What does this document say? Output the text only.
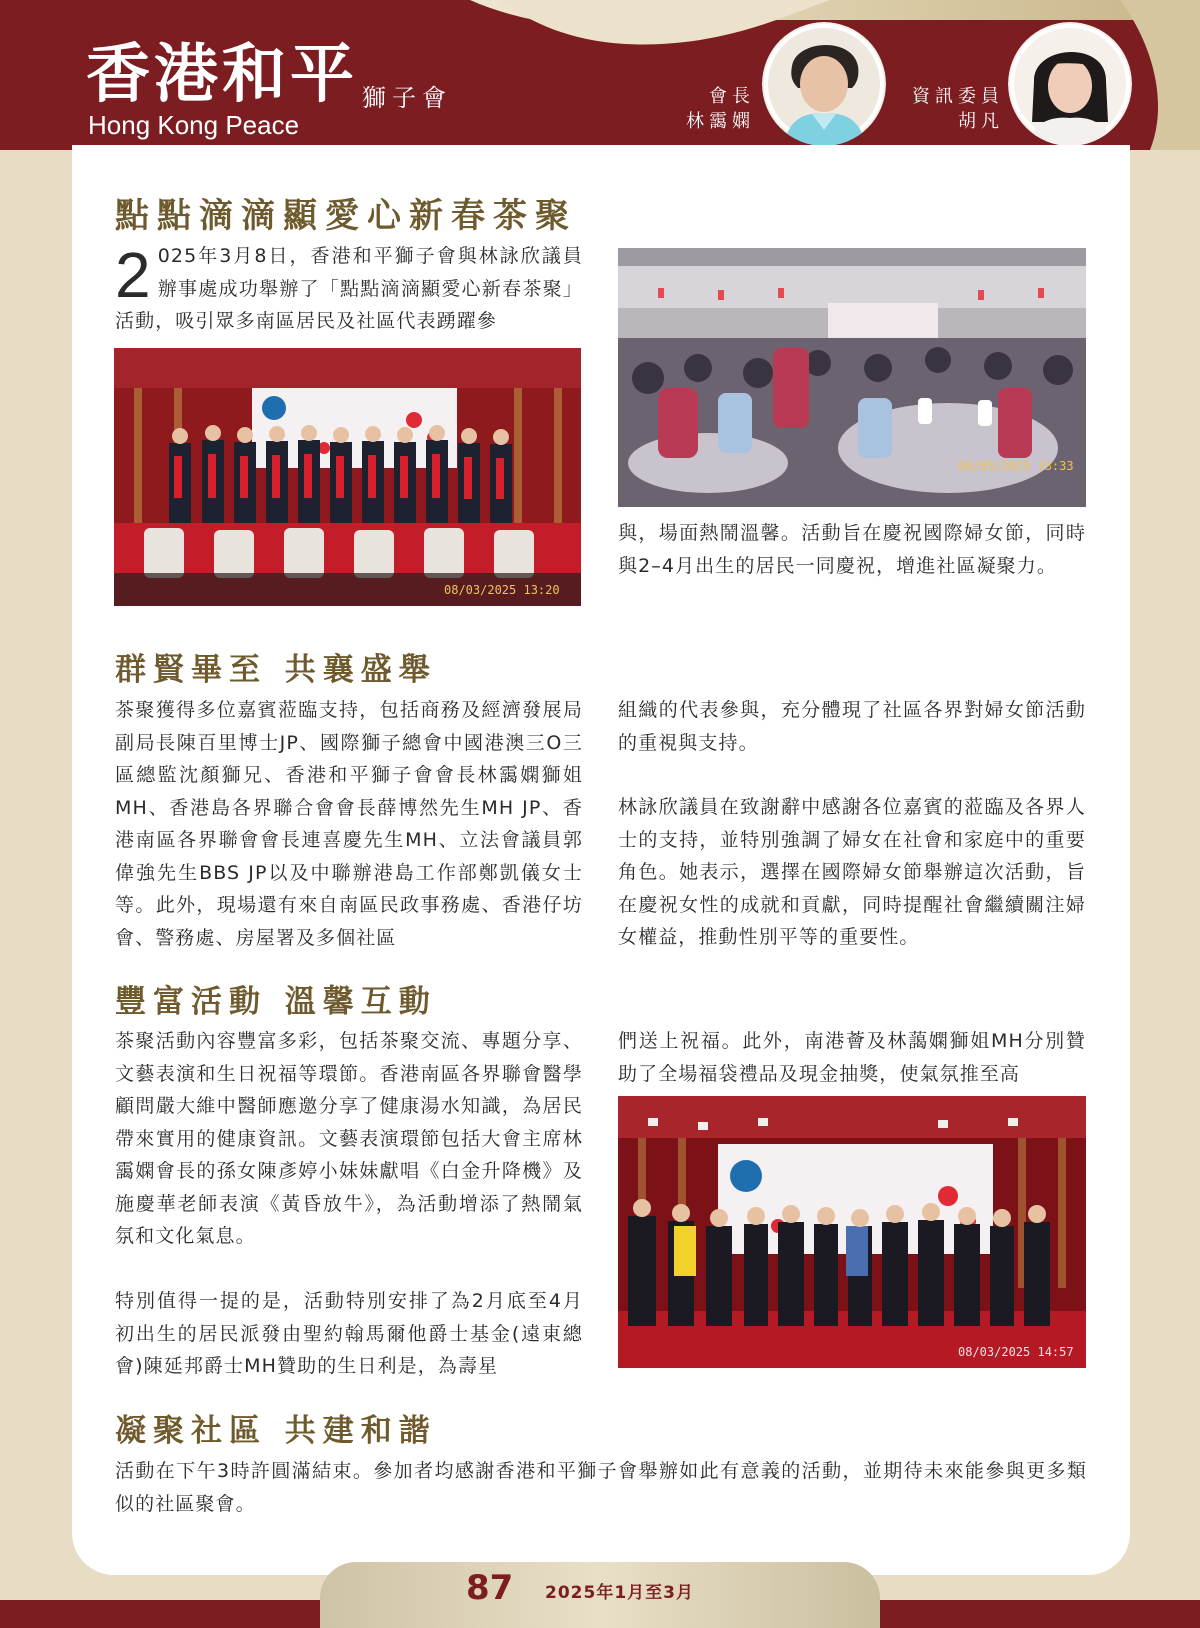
香港和平 獅子會
Hong Kong Peace
會長
林靄嫻
資訊委員
胡凡
點點滴滴顯愛心新春茶聚
2 025年3月8日，香港和平獅子會與林詠欣議員辦事處成功舉辦了「點點滴滴顯愛心新春茶聚」活動，吸引眾多南區居民及社區代表踴躍參
08/03/2025 13:20
08/03/2025 13:33
與，場面熱鬧溫馨。活動旨在慶祝國際婦女節，同時與2–4月出生的居民一同慶祝，增進社區凝聚力。
群賢畢至 共襄盛舉
茶聚獲得多位嘉賓蒞臨支持，包括商務及經濟發展局副局長陳百里博士JP、國際獅子總會中國港澳三O三區總監沈顏獅兄、香港和平獅子會會長林靄嫻獅姐MH、香港島各界聯合會會長薛博然先生MH JP、香港南區各界聯會會長連喜慶先生MH、立法會議員郭偉強先生BBS JP以及中聯辦港島工作部鄭凱儀女士等。此外，現場還有來自南區民政事務處、香港仔坊會、警務處、房屋署及多個社區
組織的代表參與，充分體現了社區各界對婦女節活動的重視與支持。
林詠欣議員在致謝辭中感謝各位嘉賓的蒞臨及各界人士的支持，並特別強調了婦女在社會和家庭中的重要角色。她表示，選擇在國際婦女節舉辦這次活動，旨在慶祝女性的成就和貢獻，同時提醒社會繼續關注婦女權益，推動性別平等的重要性。
豐富活動 溫馨互動
茶聚活動內容豐富多彩，包括茶聚交流、專題分享、文藝表演和生日祝福等環節。香港南區各界聯會醫學顧問嚴大維中醫師應邀分享了健康湯水知識，為居民帶來實用的健康資訊。文藝表演環節包括大會主席林靄嫻會長的孫女陳彥婷小妹妹獻唱《白金升降機》及施慶華老師表演《黃昏放牛》，為活動增添了熱鬧氣氛和文化氣息。
特別值得一提的是，活動特別安排了為2月底至4月初出生的居民派發由聖約翰馬爾他爵士基金(遠東總會)陳延邦爵士MH贊助的生日利是，為壽星
們送上祝福。此外，南港薈及林藹嫻獅姐MH分別贊助了全場福袋禮品及現金抽獎，使氣氛推至高
08/03/2025 14:57
凝聚社區 共建和諧
活動在下午3時許圓滿結束。參加者均感謝香港和平獅子會舉辦如此有意義的活動，並期待未來能參與更多類似的社區聚會。
87 2025年1月至3月
